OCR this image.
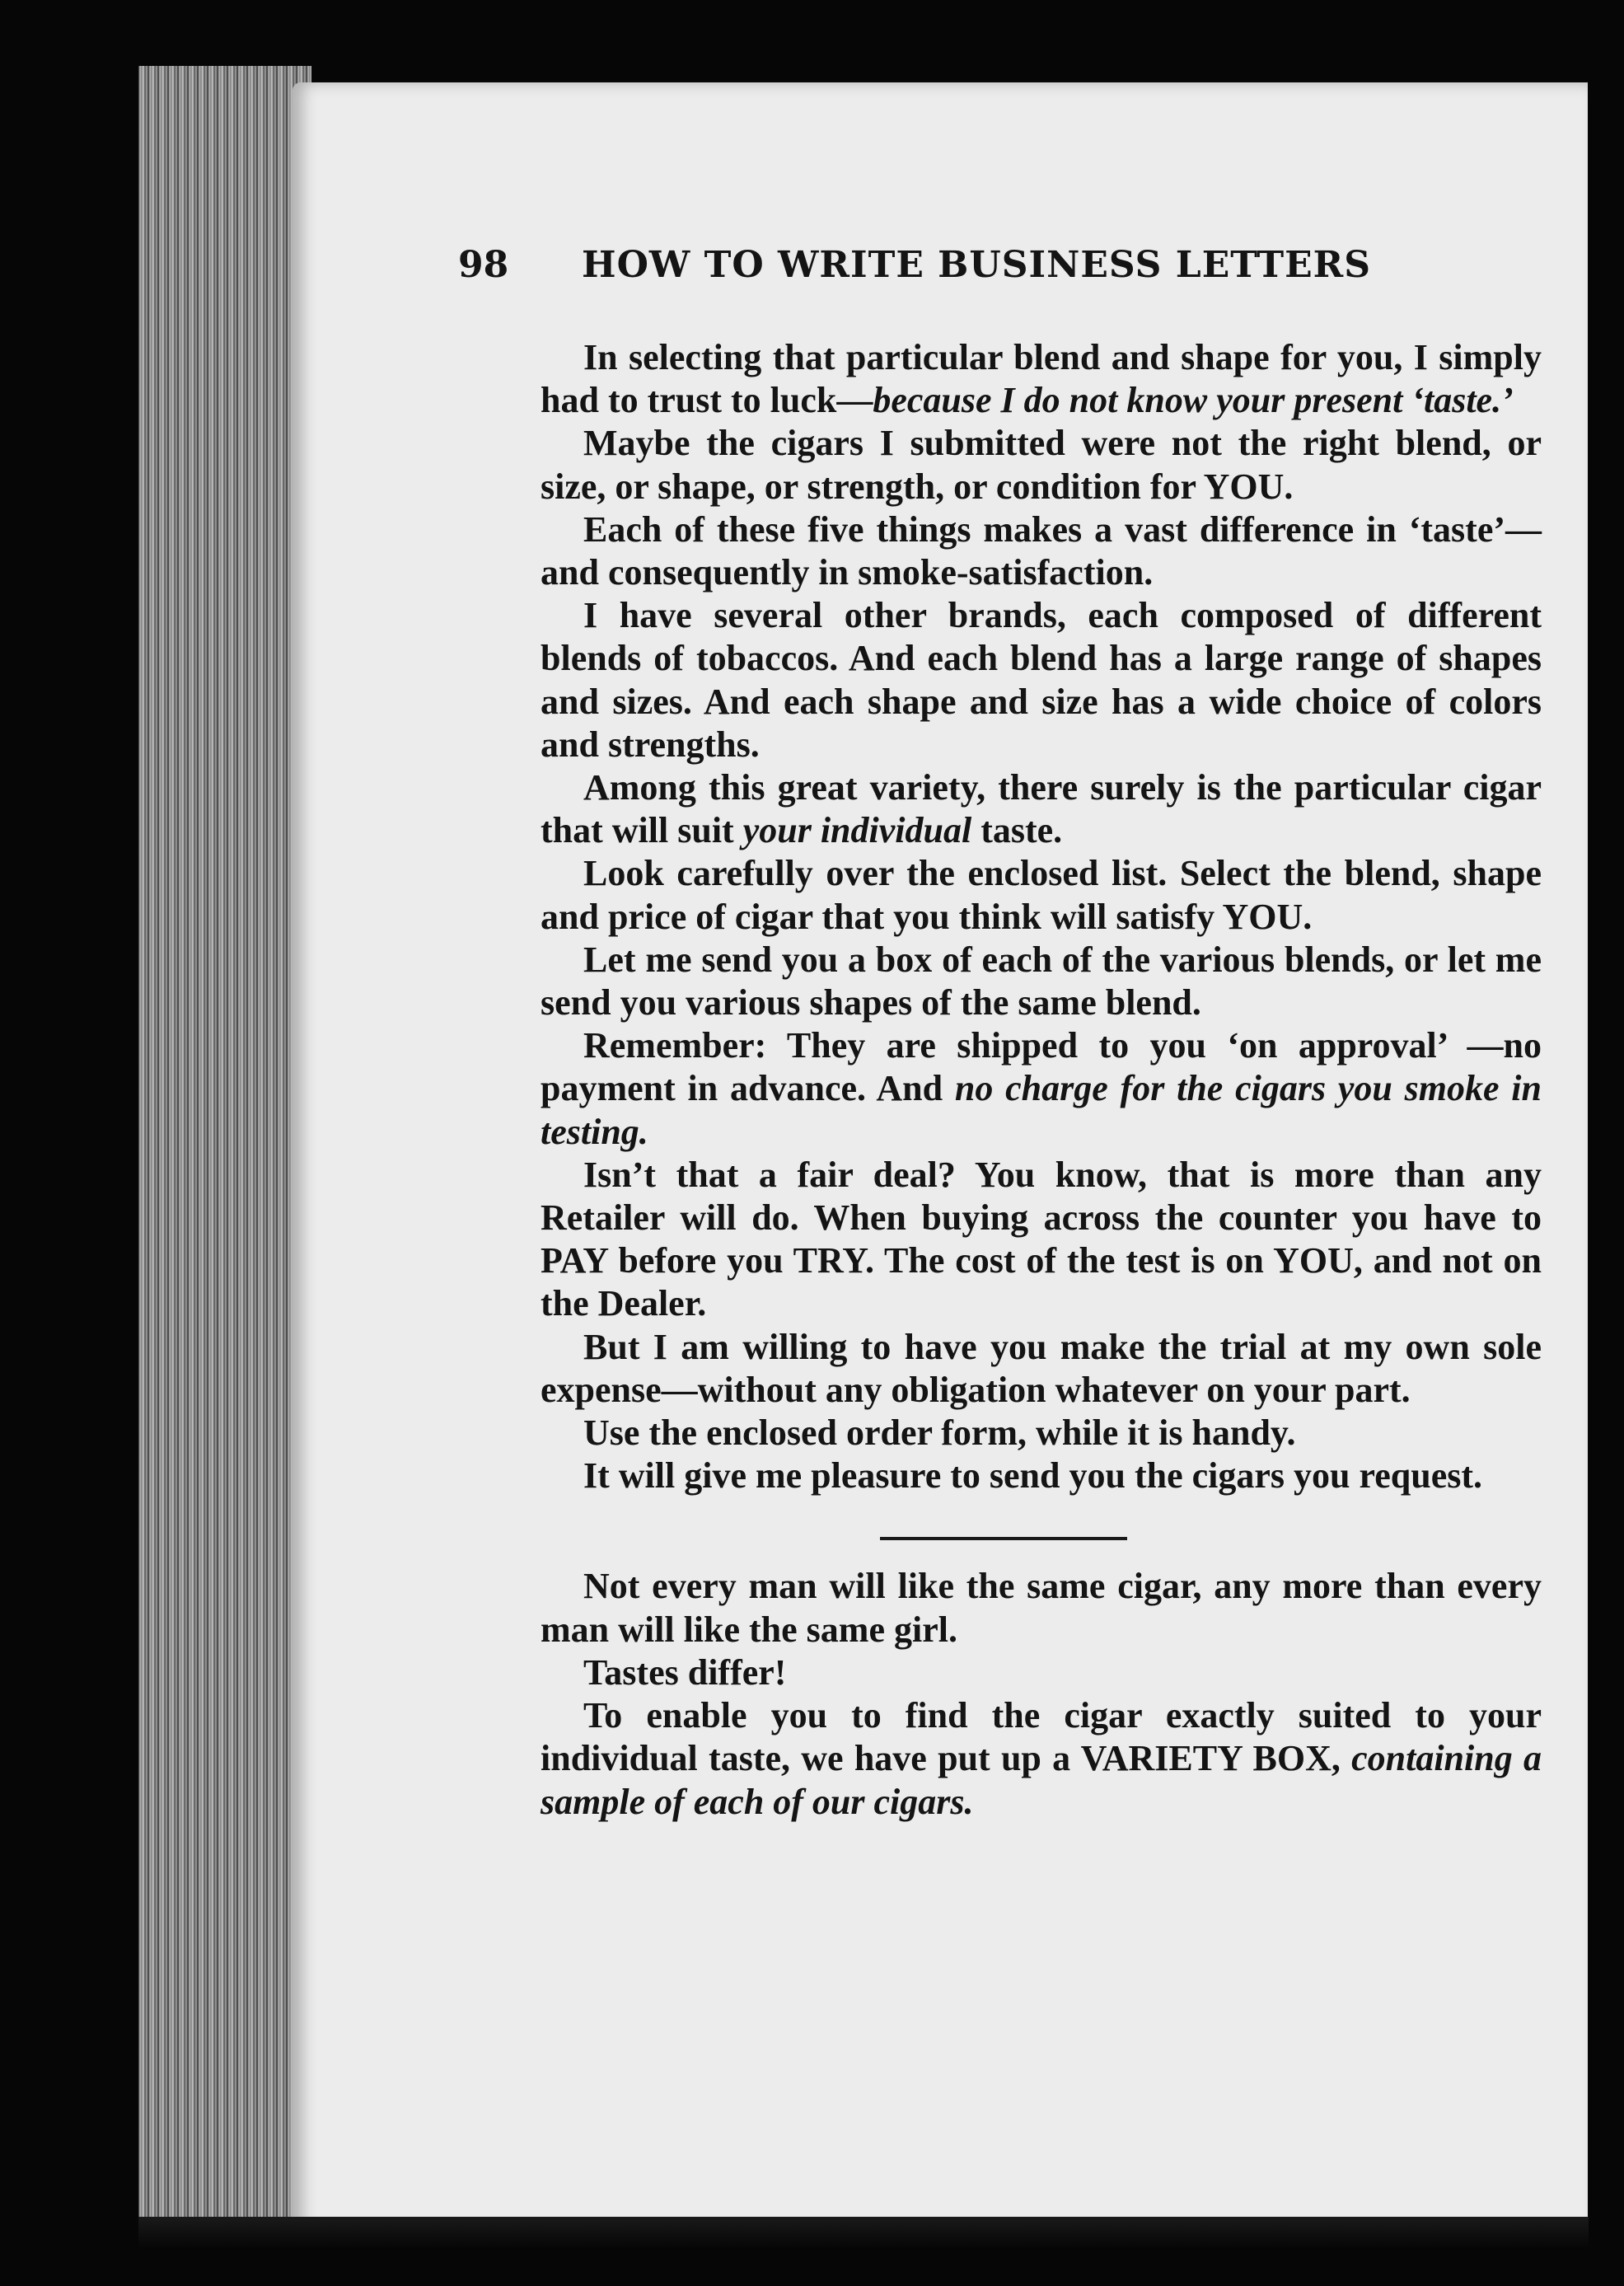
98 HOW TO WRITE BUSINESS LETTERS

In selecting that particular blend and shape for you, I simply had to trust to luck—because I do not know your present ‘taste.’

Maybe the cigars I submitted were not the right blend, or size, or shape, or strength, or condition for YOU.

Each of these five things makes a vast difference in ‘taste’—and consequently in smoke-satisfaction.

I have several other brands, each composed of different blends of tobaccos. And each blend has a large range of shapes and sizes. And each shape and size has a wide choice of colors and strengths.

Among this great variety, there surely is the particular cigar that will suit your individual taste.

Look carefully over the enclosed list. Select the blend, shape and price of cigar that you think will satisfy YOU.

Let me send you a box of each of the various blends, or let me send you various shapes of the same blend.

Remember: They are shipped to you ‘on approval’ —no payment in advance. And no charge for the cigars you smoke in testing.

Isn’t that a fair deal? You know, that is more than any Retailer will do. When buying across the counter you have to PAY before you TRY. The cost of the test is on YOU, and not on the Dealer.

But I am willing to have you make the trial at my own sole expense—without any obligation whatever on your part.

Use the enclosed order form, while it is handy.

It will give me pleasure to send you the cigars you request.

Not every man will like the same cigar, any more than every man will like the same girl.

Tastes differ!

To enable you to find the cigar exactly suited to your individual taste, we have put up a VARIETY BOX, containing a sample of each of our cigars.
